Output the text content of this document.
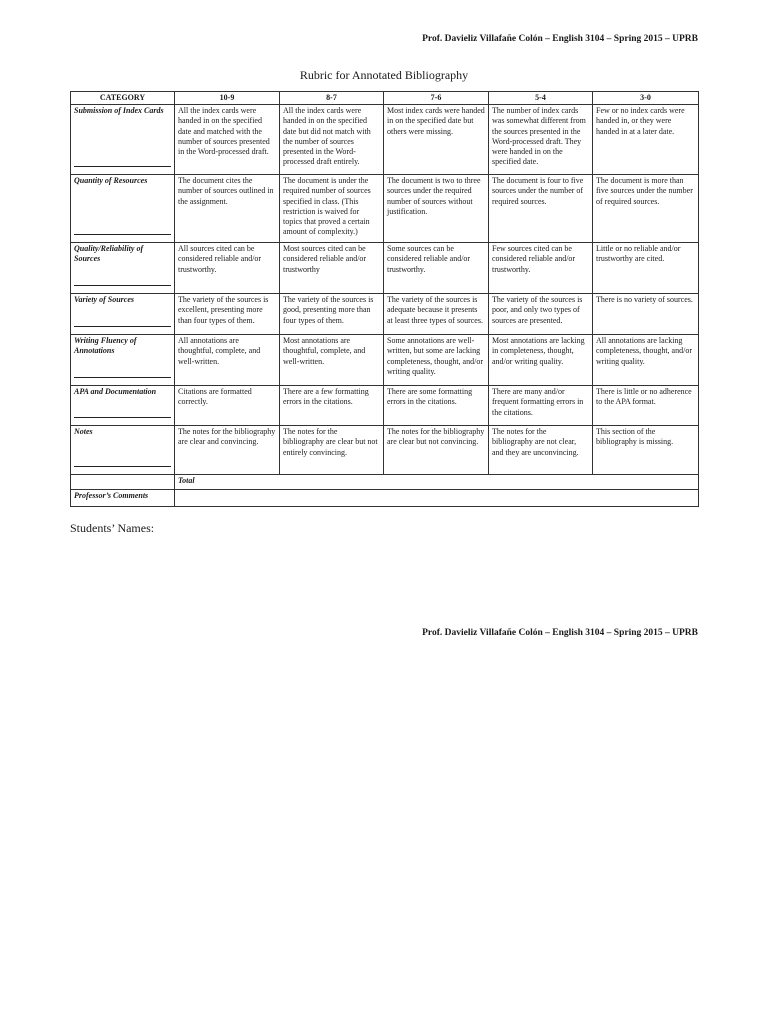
Prof. Davieliz Villafañe Colón – English 3104 – Spring 2015 – UPRB
Rubric for Annotated Bibliography
CATEGORY	10-9	8-7	7-6	5-4	3-0

Submission of Index Cards	All the index cards were handed in on the specified date and matched with the number of sources presented in the Word-processed draft.	All the index cards were handed in on the specified date but did not match with the number of sources presented in the Word-processed draft entirely.	Most index cards were handed in on the specified date but others were missing.	The number of index cards was somewhat different from the sources presented in the Word-processed draft. They were handed in on the specified date.	Few or no index cards were handed in, or they were handed in at a later date.

Quantity of Resources	The document cites the number of sources outlined in the assignment.	The document is under the required number of sources specified in class. (This restriction is waived for topics that proved a certain amount of complexity.)	The document is two to three sources under the required number of sources without justification.	The document is four to five sources under the number of required sources.	The document is more than five sources under the number of required sources.

Quality/Reliability of Sources	All sources cited can be considered reliable and/or trustworthy.	Most sources cited can be considered reliable and/or trustworthy	Some sources can be considered reliable and/or trustworthy.	Few sources cited can be considered reliable and/or trustworthy.	Little or no reliable and/or trustworthy are cited.

Variety of Sources	The variety of the sources is excellent, presenting more than four types of them.	The variety of the sources is good, presenting more than four types of them.	The variety of the sources is adequate because it presents at least three types of sources.	The variety of the sources is poor, and only two types of sources are presented.	There is no variety of sources.

Writing Fluency of Annotations	All annotations are thoughtful, complete, and well-written.	Most annotations are thoughtful, complete, and well-written.	Some annotations are well-written, but some are lacking completeness, thought, and/or writing quality.	Most annotations are lacking in completeness, thought, and/or writing quality.	All annotations are lacking completeness, thought, and/or writing quality.

APA and Documentation	Citations are formatted correctly.	There are a few formatting errors in the citations.	There are some formatting errors in the citations.	There are many and/or frequent formatting errors in the citations.	There is little or no adherence to the APA format.

Notes	The notes for the bibliography are clear and convincing.	The notes for the bibliography are clear but not entirely convincing.	The notes for the bibliography are clear but not convincing.	The notes for the bibliography are not clear, and they are unconvincing.	This section of the bibliography is missing.
	Total				
Professor’s Comments					
Students’ Names:
Prof. Davieliz Villafañe Colón – English 3104 – Spring 2015 – UPRB
